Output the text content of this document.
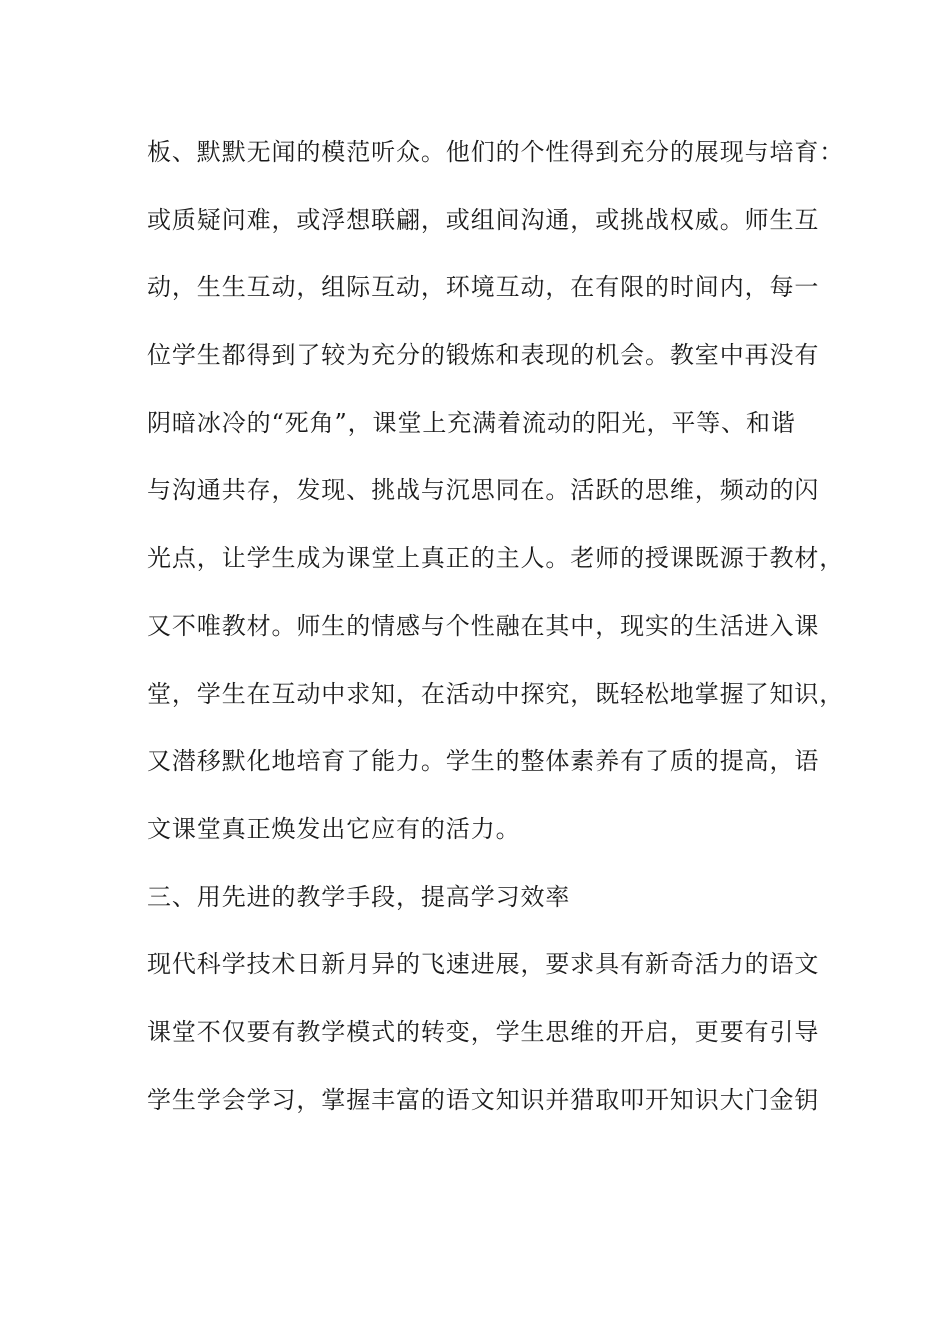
板、默默无闻的模范听众。他们的个性得到充分的展现与培育：
或质疑问难，或浮想联翩，或组间沟通，或挑战权威。师生互
动，生生互动，组际互动，环境互动，在有限的时间内，每一
位学生都得到了较为充分的锻炼和表现的机会。教室中再没有
阴暗冰冷的“死角”，课堂上充满着流动的阳光，平等、和谐
与沟通共存，发现、挑战与沉思同在。活跃的思维，频动的闪
光点，让学生成为课堂上真正的主人。老师的授课既源于教材，
又不唯教材。师生的情感与个性融在其中，现实的生活进入课
堂，学生在互动中求知，在活动中探究，既轻松地掌握了知识，
又潜移默化地培育了能力。学生的整体素养有了质的提高，语
文课堂真正焕发出它应有的活力。
三、用先进的教学手段，提高学习效率
现代科学技术日新月异的飞速进展，要求具有新奇活力的语文
课堂不仅要有教学模式的转变，学生思维的开启，更要有引导
学生学会学习，掌握丰富的语文知识并猎取叩开知识大门金钥
